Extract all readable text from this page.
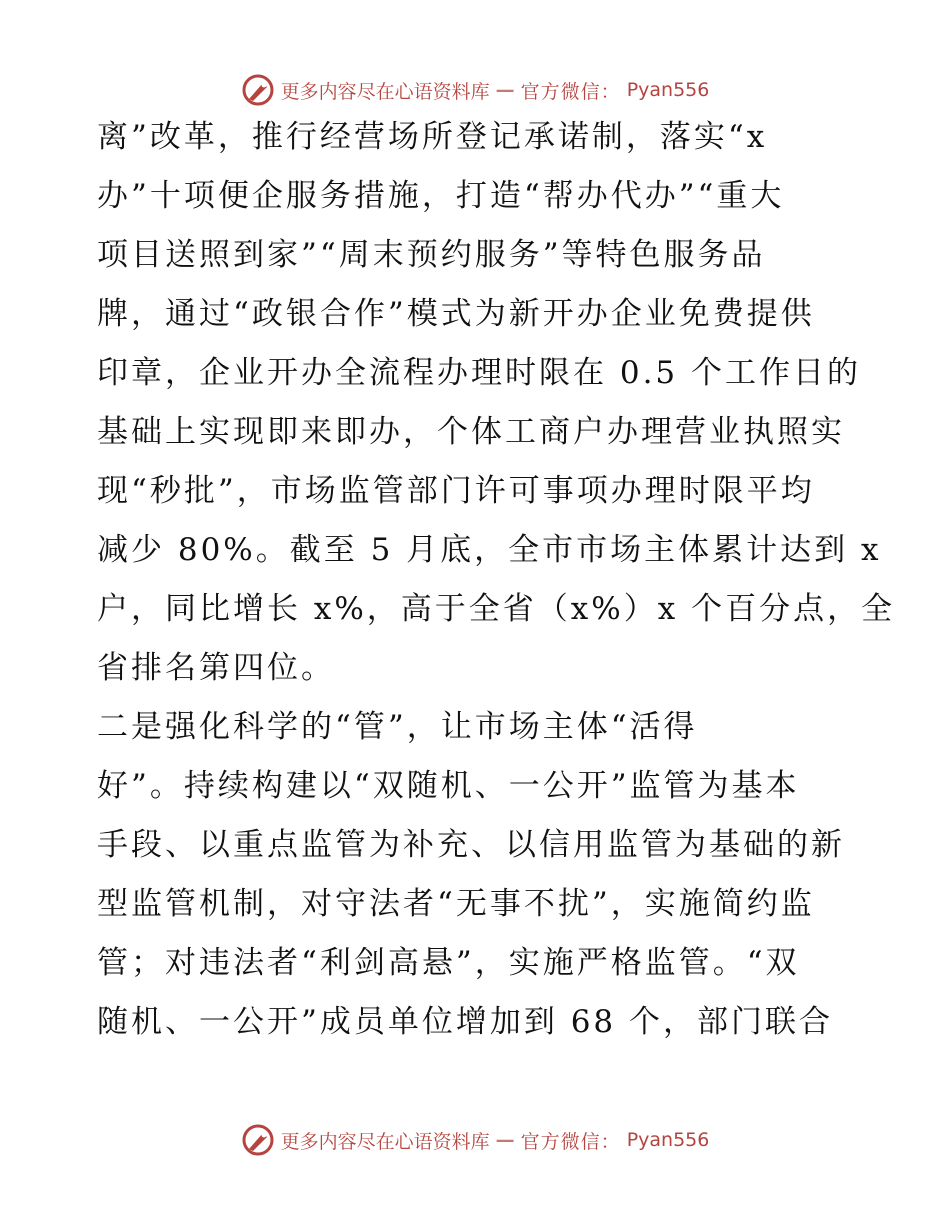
更多内容尽在心语资料库 — 官方微信： Pyan556
离”改革，推行经营场所登记承诺制，落实“x
办”十项便企服务措施，打造“帮办代办”“重大
项目送照到家”“周末预约服务”等特色服务品
牌，通过“政银合作”模式为新开办企业免费提供
印章，企业开办全流程办理时限在 0.5 个工作日的
基础上实现即来即办，个体工商户办理营业执照实
现“秒批”，市场监管部门许可事项办理时限平均
减少 80%。截至 5 月底，全市市场主体累计达到 x
户，同比增长 x%，高于全省（x%）x 个百分点，全
省排名第四位。
二是强化科学的“管”，让市场主体“活得
好”。持续构建以“双随机、一公开”监管为基本
手段、以重点监管为补充、以信用监管为基础的新
型监管机制，对守法者“无事不扰”，实施简约监
管；对违法者“利剑高悬”，实施严格监管。“双
随机、一公开”成员单位增加到 68 个，部门联合
更多内容尽在心语资料库 — 官方微信： Pyan556
